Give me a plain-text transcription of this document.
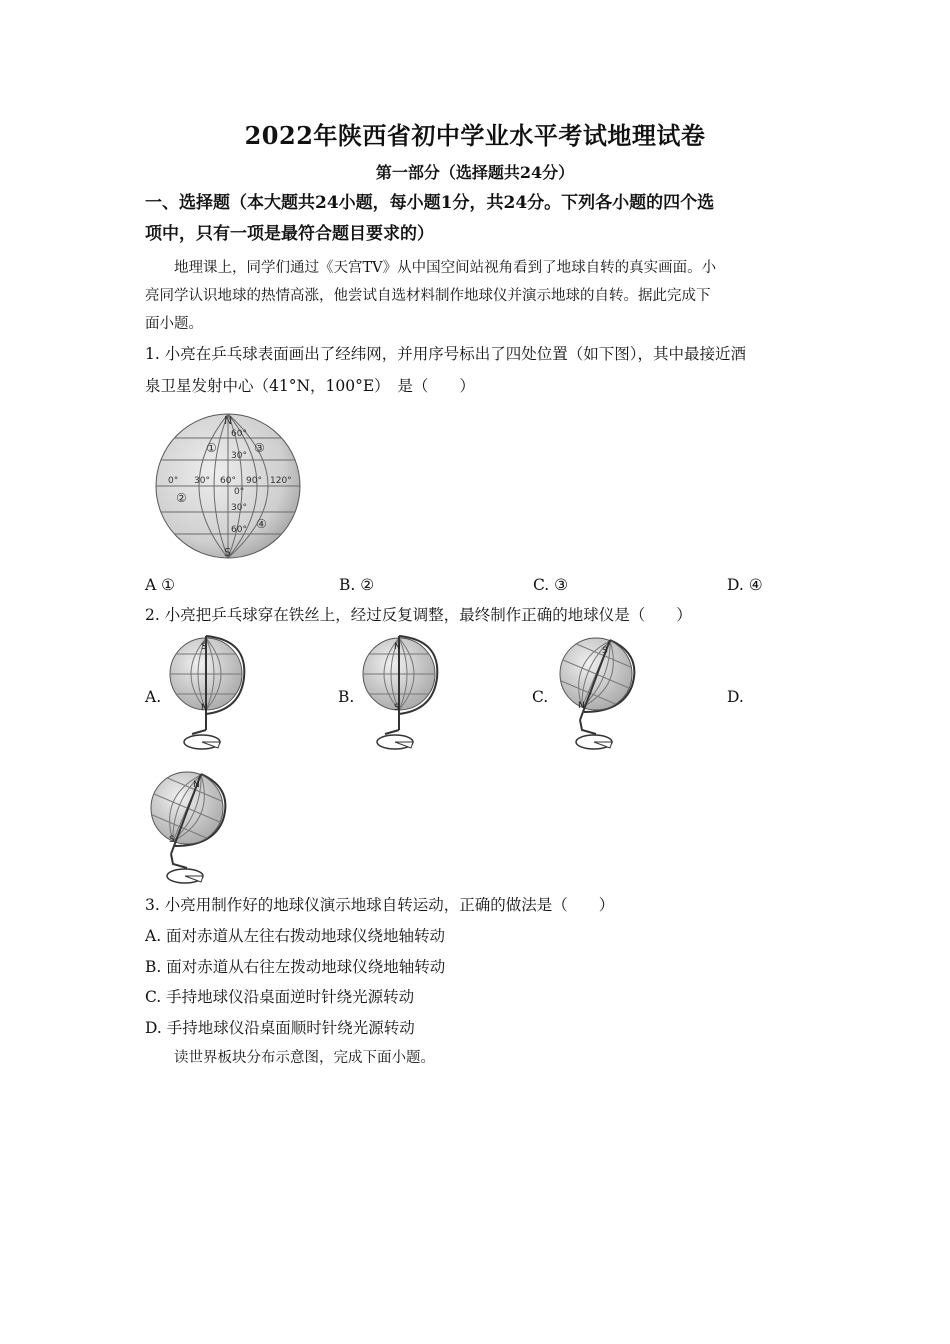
2022年陕西省初中学业水平考试地理试卷
第一部分（选择题共24分）
一、选择题（本大题共24小题，每小题1分，共24分。下列各小题的四个选
项中，只有一项是最符合题目要求的）
地理课上，同学们通过《天宫TV》从中国空间站视角看到了地球自转的真实画面。小
亮同学认识地球的热情高涨，他尝试自选材料制作地球仪并演示地球的自转。据此完成下
面小题。
1. 小亮在乒乓球表面画出了经纬网，并用序号标出了四处位置（如下图），其中最接近酒
泉卫星发射中心（41°N，100°E）　是（　　）
N
S
60°
30°
0°
30°
60°
0° 30° 60° 90° 120°
①
②
③
④
A ①	B. ②	C. ③	D. ④
2. 小亮把乒乓球穿在铁丝上，经过反复调整，最终制作正确的地球仪是（　　）
A.	B.	C.	D.
S
N
N
S
S
N
N
S
3. 小亮用制作好的地球仪演示地球自转运动，正确的做法是（　　）
A. 面对赤道从左往右拨动地球仪绕地轴转动
B. 面对赤道从右往左拨动地球仪绕地轴转动
C. 手持地球仪沿桌面逆时针绕光源转动
D. 手持地球仪沿桌面顺时针绕光源转动
读世界板块分布示意图，完成下面小题。
